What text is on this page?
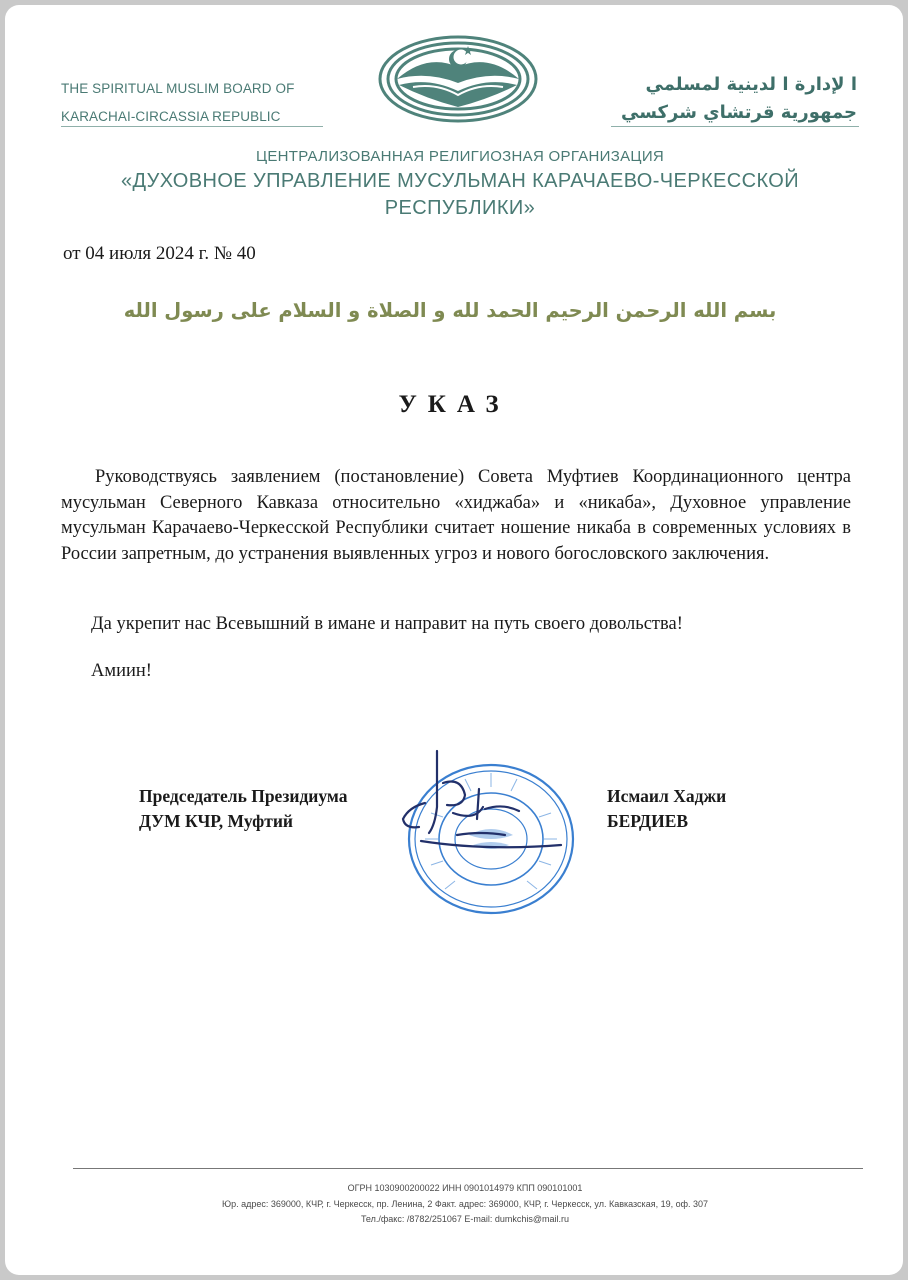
THE SPIRITUAL MUSLIM BOARD OF
KARACHAI-CIRCASSIA REPUBLIC
ا لإدارة ا لدينية لمسلمي
جمهورية قرتشاي شركسي
ЦЕНТРАЛИЗОВАННАЯ РЕЛИГИОЗНАЯ ОРГАНИЗАЦИЯ
«ДУХОВНОЕ УПРАВЛЕНИЕ МУСУЛЬМАН КАРАЧАЕВО-ЧЕРКЕССКОЙ
РЕСПУБЛИКИ»
от 04 июля 2024 г. № 40
بسم الله الرحمن الرحيم الحمد لله و الصلاة و السلام على رسول الله
УКАЗ
Руководствуясь заявлением (постановление) Совета Муфтиев Координационного центра мусульман Северного Кавказа относительно «хиджаба» и «никаба», Духовное управление мусульман Карачаево-Черкесской Республики считает ношение никаба в современных условиях в России запретным, до устранения выявленных угроз и нового богословского заключения.
Да укрепит нас Всевышний в имане и направит на путь своего довольства!
Амиин!
Председатель Президиума
ДУМ КЧР, Муфтий
Исмаил Хаджи
БЕРДИЕВ
ОГРН 1030900200022 ИНН 0901014979 КПП 090101001
Юр. адрес: 369000, КЧР, г. Черкесск, пр. Ленина, 2 Факт. адрес: 369000, КЧР, г. Черкесск, ул. Кавказская, 19, оф. 307
Тел./факс: /8782/251067 E-mail: dumkchis@mail.ru
